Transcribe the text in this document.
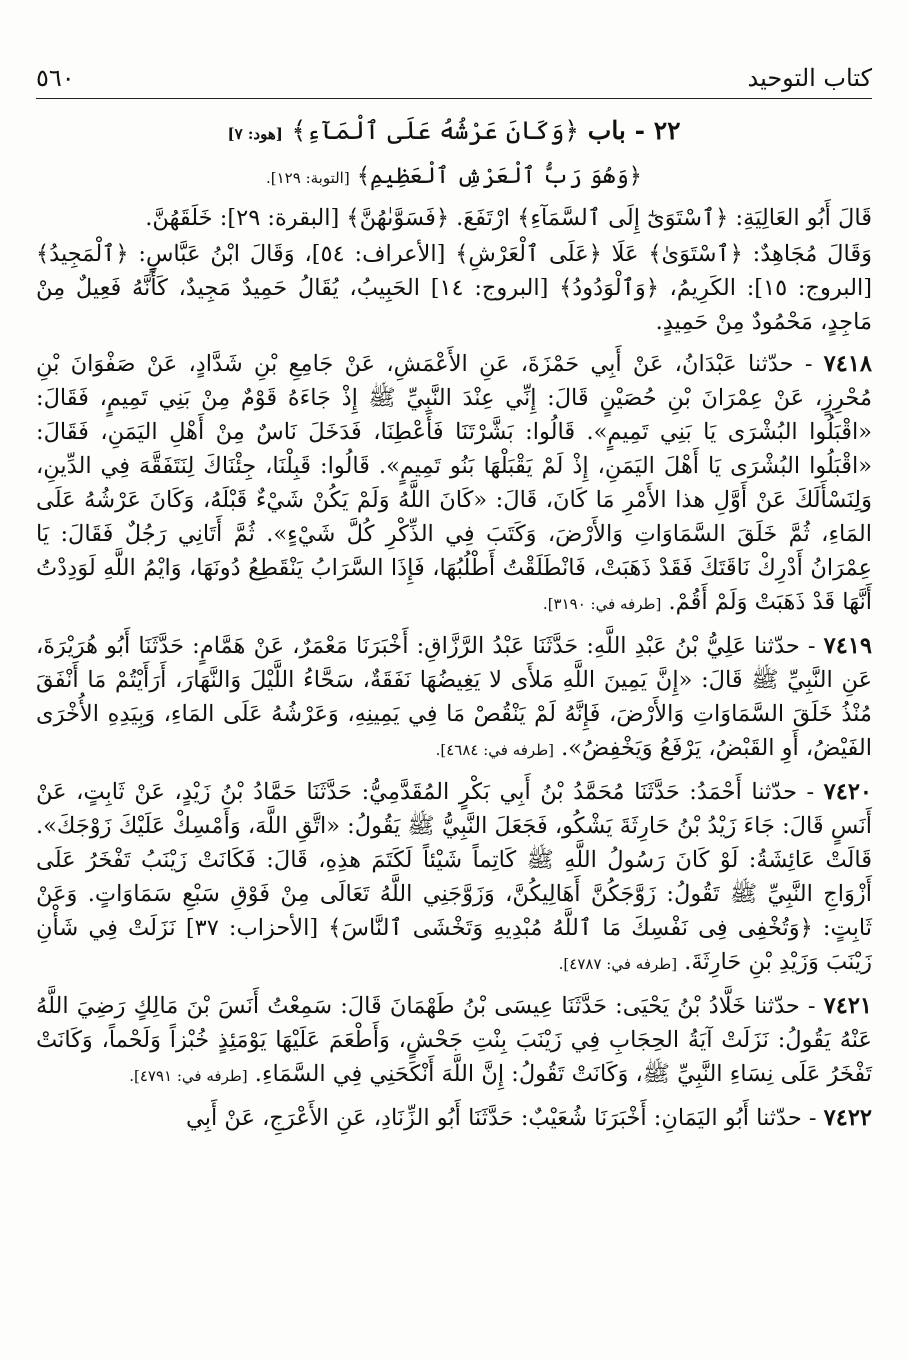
٥٦٠	كتاب التوحيد
٢٢ - باب ﴿وَكَانَ عَرْشُهُ عَلَى ٱلْمَآءِ﴾ [هود: ٧]
﴿وَهُوَ رَبُّ ٱلْعَرْشِ ٱلْعَظِيمِ﴾ [التوبة: ١٢٩].

قَالَ أَبُو العَالِيَةِ: ﴿ٱسْتَوَىٰٓ إِلَى ٱلسَّمَآءِ﴾ ارْتَفَعَ. ﴿فَسَوَّىٰهُنَّ﴾ [البقرة: ٢٩]: خَلَقَهُنَّ.

وَقَالَ مُجَاهِدٌ: ﴿ٱسْتَوَىٰ﴾ عَلَا ﴿عَلَى ٱلْعَرْشِ﴾ [الأعراف: ٥٤]، وَقَالَ ابْنُ عَبَّاسٍ: ﴿ٱلْمَجِيدُ﴾ [البروج: ١٥]: الكَرِيمُ، ﴿وَٱلْوَدُودُ﴾ [البروج: ١٤] الحَبِيبُ، يُقَالُ حَمِيدٌ مَجِيدٌ، كَأَنَّهُ فَعِيلٌ مِنْ مَاجِدٍ، مَحْمُودٌ مِنْ حَمِيدٍ.

٧٤١٨ - حدّثنا عَبْدَانُ، عَنْ أَبِي حَمْزَةَ، عَنِ الأَعْمَشِ، عَنْ جَامِعِ بْنِ شَدَّادٍ، عَنْ صَفْوَانَ بْنِ مُحْرِزٍ، عَنْ عِمْرَانَ بْنِ حُصَيْنٍ قَالَ: إِنِّي عِنْدَ النَّبِيِّ ﷺ إِذْ جَاءَهُ قَوْمٌ مِنْ بَنِي تَمِيمٍ، فَقَالَ: «اقْبَلُوا البُشْرَى يَا بَنِي تَمِيمٍ». قَالُوا: بَشَّرْتَنَا فَأَعْطِنَا، فَدَخَلَ نَاسٌ مِنْ أَهْلِ اليَمَنِ، فَقَالَ: «اقْبَلُوا البُشْرَى يَا أَهْلَ اليَمَنِ، إِذْ لَمْ يَقْبَلْهَا بَنُو تَمِيمٍ». قَالُوا: قَبِلْنَا، جِئْنَاكَ لِنَتَفَقَّهَ فِي الدِّينِ، وَلِنَسْأَلَكَ عَنْ أَوَّلِ هذا الأَمْرِ مَا كَانَ، قَالَ: «كَانَ اللَّهُ وَلَمْ يَكُنْ شَيْءٌ قَبْلَهُ، وَكَانَ عَرْشُهُ عَلَى المَاءِ، ثُمَّ خَلَقَ السَّمَاوَاتِ وَالأَرْضَ، وَكَتَبَ فِي الذِّكْرِ كُلَّ شَيْءٍ». ثُمَّ أَتَانِي رَجُلٌ فَقَالَ: يَا عِمْرَانُ أَدْرِكْ نَاقَتَكَ فَقَدْ ذَهَبَتْ، فَانْطَلَقْتُ أَطْلُبُهَا، فَإِذَا السَّرَابُ يَنْقَطِعُ دُونَهَا، وَايْمُ اللَّهِ لَوَدِدْتُ أَنَّهَا قَدْ ذَهَبَتْ وَلَمْ أَقُمْ. [طرفه في: ٣١٩٠].

٧٤١٩ - حدّثنا عَلِيُّ بْنُ عَبْدِ اللَّهِ: حَدَّثَنَا عَبْدُ الرَّزَّاقِ: أَخْبَرَنَا مَعْمَرٌ، عَنْ هَمَّامٍ: حَدَّثَنَا أَبُو هُرَيْرَةَ، عَنِ النَّبِيِّ ﷺ قَالَ: «إِنَّ يَمِينَ اللَّهِ مَلأَى لا يَغِيضُهَا نَفَقَةٌ، سَحَّاءُ اللَّيْلَ وَالنَّهَارَ، أَرَأَيْتُمْ مَا أَنْفَقَ مُنْذُ خَلَقَ السَّمَاوَاتِ وَالأَرْضَ، فَإِنَّهُ لَمْ يَنْقُصْ مَا فِي يَمِينِهِ، وَعَرْشُهُ عَلَى المَاءِ، وَبِيَدِهِ الأُخْرَى الفَيْضُ، أَوِ القَبْضُ، يَرْفَعُ وَيَخْفِضُ». [طرفه في: ٤٦٨٤].

٧٤٢٠ - حدّثنا أَحْمَدُ: حَدَّثَنَا مُحَمَّدُ بْنُ أَبِي بَكْرٍ المُقَدَّمِيُّ: حَدَّثَنَا حَمَّادُ بْنُ زَيْدٍ، عَنْ ثَابِتٍ، عَنْ أَنَسٍ قَالَ: جَاءَ زَيْدُ بْنُ حَارِثَةَ يَشْكُو، فَجَعَلَ النَّبِيُّ ﷺ يَقُولُ: «اتَّقِ اللَّهَ، وَأَمْسِكْ عَلَيْكَ زَوْجَكَ». قَالَتْ عَائِشَةُ: لَوْ كَانَ رَسُولُ اللَّهِ ﷺ كَاتِماً شَيْئاً لَكَتَمَ هذِهِ، قَالَ: فَكَانَتْ زَيْنَبُ تَفْخَرُ عَلَى أَزْوَاجِ النَّبِيِّ ﷺ تَقُولُ: زَوَّجَكُنَّ أَهَالِيكُنَّ، وَزَوَّجَنِي اللَّهُ تَعَالَى مِنْ فَوْقِ سَبْعِ سَمَاوَاتٍ. وَعَنْ ثَابِتٍ: ﴿وَتُخْفِى فِى نَفْسِكَ مَا ٱللَّهُ مُبْدِيهِ وَتَخْشَى ٱلنَّاسَ﴾ [الأحزاب: ٣٧] نَزَلَتْ فِي شَأْنِ زَيْنَبَ وَزَيْدِ بْنِ حَارِثَةَ. [طرفه في: ٤٧٨٧].

٧٤٢١ - حدّثنا خَلَّادُ بْنُ يَحْيَى: حَدَّثَنَا عِيسَى بْنُ طَهْمَانَ قَالَ: سَمِعْتُ أَنَسَ بْنَ مَالِكٍ رَضِيَ اللَّهُ عَنْهُ يَقُولُ: نَزَلَتْ آيَةُ الحِجَابِ فِي زَيْنَبَ بِنْتِ جَحْشٍ، وَأَطْعَمَ عَلَيْهَا يَوْمَئِذٍ خُبْزاً وَلَحْماً، وَكَانَتْ تَفْخَرُ عَلَى نِسَاءِ النَّبِيِّ ﷺ، وَكَانَتْ تَقُولُ: إِنَّ اللَّهَ أَنْكَحَنِي فِي السَّمَاءِ. [طرفه في: ٤٧٩١].

٧٤٢٢ - حدّثنا أَبُو اليَمَانِ: أَخْبَرَنَا شُعَيْبٌ: حَدَّثَنَا أَبُو الزِّنَادِ، عَنِ الأَعْرَجِ، عَنْ أَبِي
